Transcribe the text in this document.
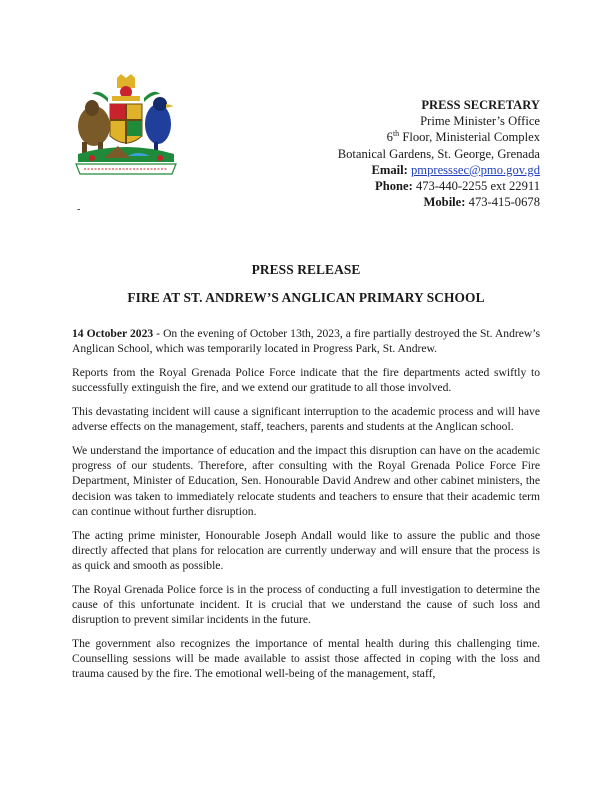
-
PRESS SECRETARY
Prime Minister’s Office
6th Floor, Ministerial Complex
Botanical Gardens, St. George, Grenada
Email: pmpresssec@pmo.gov.gd
Phone: 473-440-2255 ext 22911
Mobile: 473-415-0678
PRESS RELEASE
FIRE AT ST. ANDREW’S ANGLICAN PRIMARY SCHOOL

14 October 2023 - On the evening of October 13th, 2023, a fire partially destroyed the St. Andrew’s Anglican School, which was temporarily located in Progress Park, St. Andrew.

Reports from the Royal Grenada Police Force indicate that the fire departments acted swiftly to successfully extinguish the fire, and we extend our gratitude to all those involved.

This devastating incident will cause a significant interruption to the academic process and will have adverse effects on the management, staff, teachers, parents and students at the Anglican school.

We understand the importance of education and the impact this disruption can have on the academic progress of our students. Therefore, after consulting with the Royal Grenada Police Force Fire Department, Minister of Education, Sen. Honourable David Andrew and other cabinet ministers, the decision was taken to immediately relocate students and teachers to ensure that their academic term can continue without further disruption.

The acting prime minister, Honourable Joseph Andall would like to assure the public and those directly affected that plans for relocation are currently underway and will ensure that the process is as quick and smooth as possible.

The Royal Grenada Police force is in the process of conducting a full investigation to determine the cause of this unfortunate incident. It is crucial that we understand the cause of such loss and disruption to prevent similar incidents in the future.

The government also recognizes the importance of mental health during this challenging time. Counselling sessions will be made available to assist those affected in coping with the loss and trauma caused by the fire. The emotional well-being of the management, staff,
